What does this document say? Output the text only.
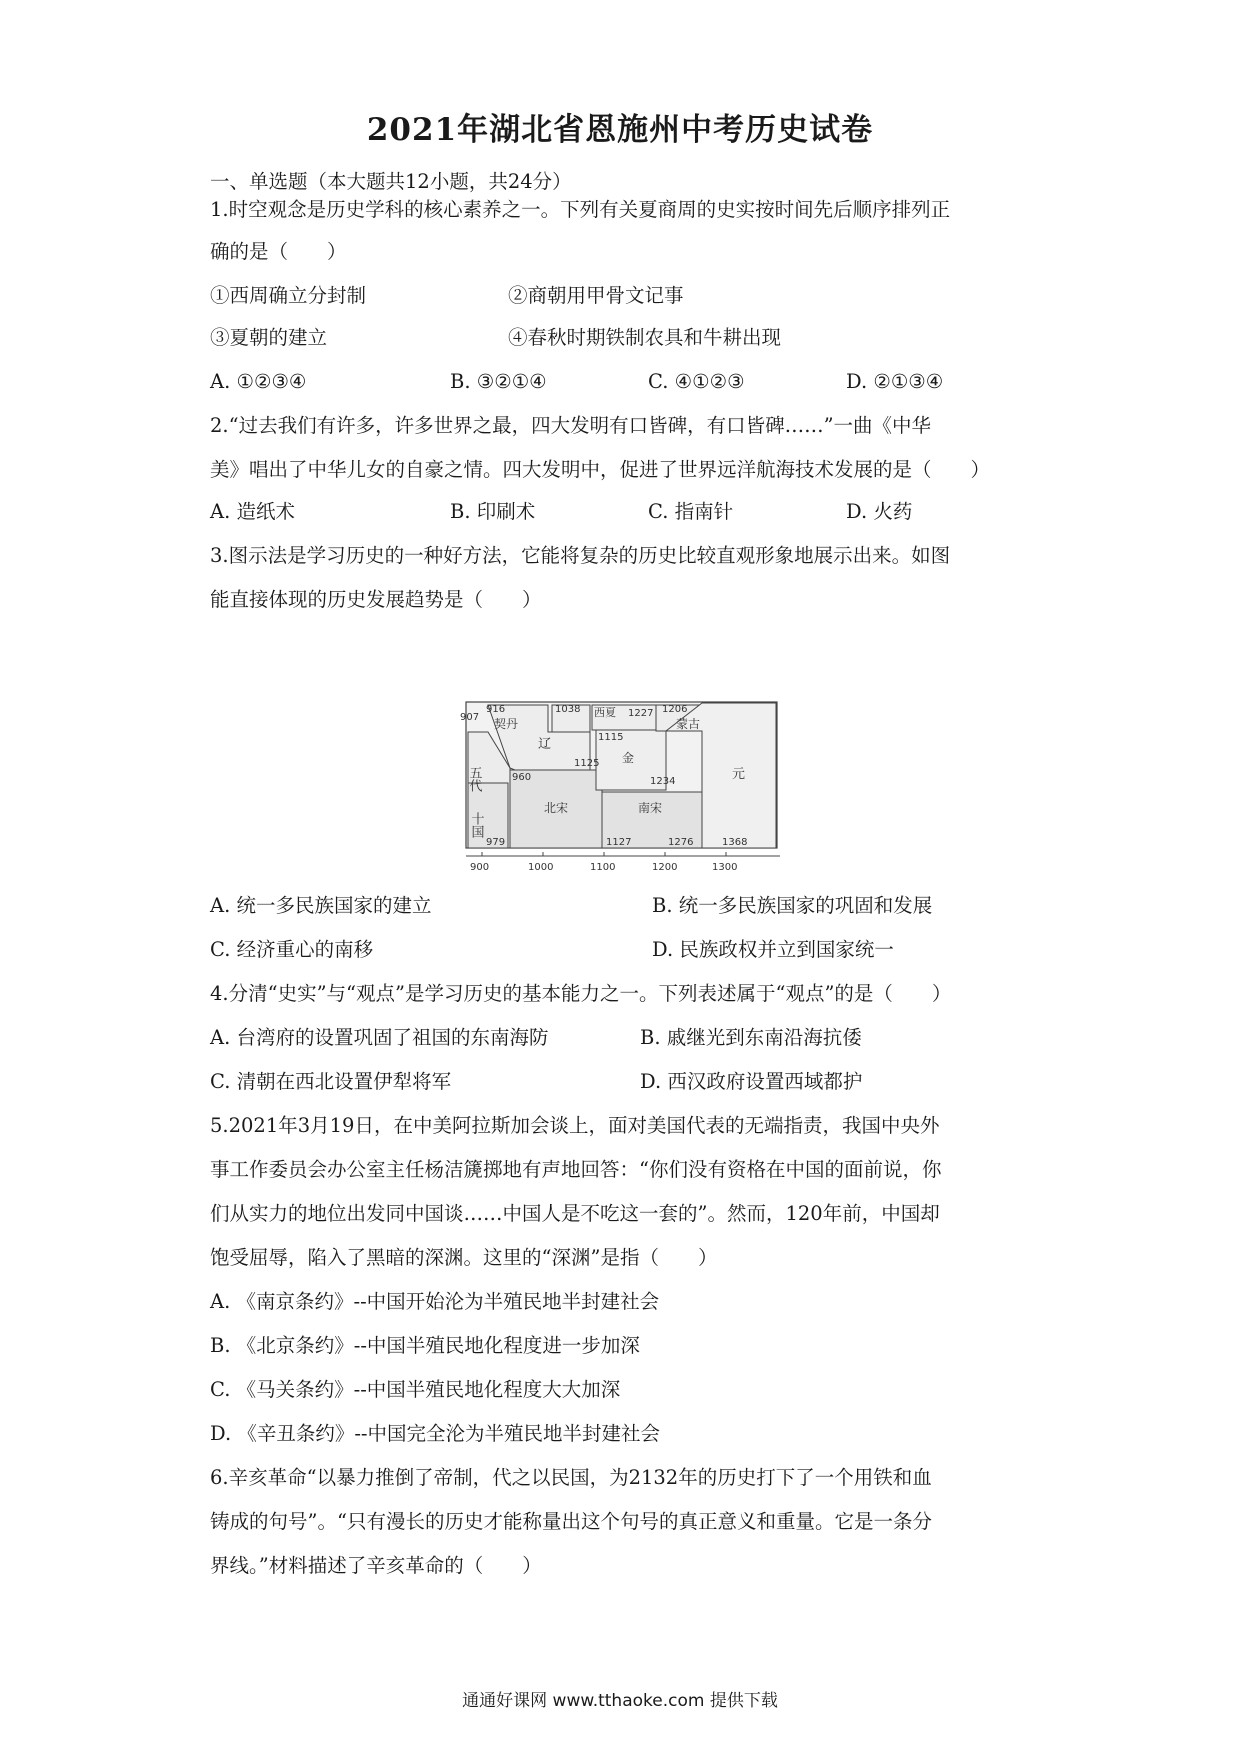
2021年湖北省恩施州中考历史试卷
一、单选题（本大题共12小题，共24分）
1.时空观念是历史学科的核心素养之一。下列有关夏商周的史实按时间先后顺序排列正
确的是（　　）
①西周确立分封制	②商朝用甲骨文记事
③夏朝的建立	④春秋时期铁制农具和牛耕出现
A. ①②③④	B. ③②①④	C. ④①②③	D. ②①③④
2.“过去我们有许多，许多世界之最，四大发明有口皆碑，有口皆碑……”一曲《中华
美》唱出了中华儿女的自豪之情。四大发明中，促进了世界远洋航海技术发展的是（　　）
A. 造纸术	B. 印刷术	C. 指南针	D. 火药
3.图示法是学习历史的一种好方法，它能将复杂的历史比较直观形象地展示出来。如图
能直接体现的历史发展趋势是（　　）
契丹
辽
西夏
金
蒙古
元
五代
十国
北宋	南宋
907
916	1038	1227 1206
1115
1125
960	1234
979	1127	1276	1368
900	1000	1100	1200	1300
A. 统一多民族国家的建立	B. 统一多民族国家的巩固和发展
C. 经济重心的南移	D. 民族政权并立到国家统一
4.分清“史实”与“观点”是学习历史的基本能力之一。下列表述属于“观点”的是（　　）
A. 台湾府的设置巩固了祖国的东南海防	B. 戚继光到东南沿海抗倭
C. 清朝在西北设置伊犁将军	D. 西汉政府设置西域都护
5.2021年3月19日，在中美阿拉斯加会谈上，面对美国代表的无端指责，我国中央外
事工作委员会办公室主任杨洁篪掷地有声地回答：“你们没有资格在中国的面前说，你
们从实力的地位出发同中国谈……中国人是不吃这一套的”。然而，120年前，中国却
饱受屈辱，陷入了黑暗的深渊。这里的“深渊”是指（　　）
A. 《南京条约》--中国开始沦为半殖民地半封建社会
B. 《北京条约》--中国半殖民地化程度进一步加深
C. 《马关条约》--中国半殖民地化程度大大加深
D. 《辛丑条约》--中国完全沦为半殖民地半封建社会
6.辛亥革命“以暴力推倒了帝制，代之以民国，为2132年的历史打下了一个用铁和血
铸成的句号”。“只有漫长的历史才能称量出这个句号的真正意义和重量。它是一条分
界线。”材料描述了辛亥革命的（　　）
通通好课网 www.tthaoke.com 提供下载
